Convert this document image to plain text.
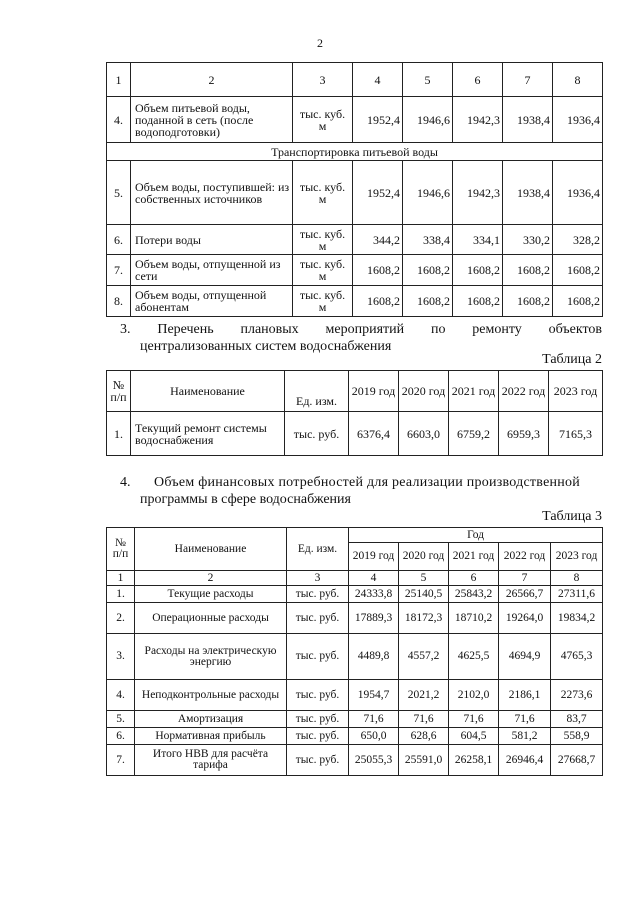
2
1	2	3	4	5	6	7	8
4.	Объем питьевой воды, поданной в сеть (после водоподготовки)	тыс. куб. м	1952,4	1946,6	1942,3	1938,4	1936,4
Транспортировка питьевой воды							
5.	Объем воды, поступившей: из собственных источников	тыс. куб. м	1952,4	1946,6	1942,3	1938,4	1936,4
6.	Потери воды	тыс. куб. м	344,2	338,4	334,1	330,2	328,2
7.	Объем воды, отпущенной из сети	тыс. куб. м	1608,2	1608,2	1608,2	1608,2	1608,2
8.	Объем воды, отпущенной абонентам	тыс. куб. м	1608,2	1608,2	1608,2	1608,2	1608,2
3. Перечень плановых мероприятий по ремонту объектов
централизованных систем водоснабжения
Таблица 2
№ п/п	Наименование	Ед. изм.	2019 год	2020 год	2021 год	2022 год	2023 год
1.	Текущий ремонт системы водоснабжения	тыс. руб.	6376,4	6603,0	6759,2	6959,3	7165,3
4. Объем финансовых потребностей для реализации производственной
программы в сфере водоснабжения
Таблица 3
№ п/п	Наименование	Ед. изм.	Год				
			2019 год	2020 год	2021 год	2022 год	2023 год
1	2	3	4	5	6	7	8
1.	Текущие расходы	тыс. руб.	24333,8	25140,5	25843,2	26566,7	27311,6
2.	Операционные расходы	тыс. руб.	17889,3	18172,3	18710,2	19264,0	19834,2
3.	Расходы на электрическую энергию	тыс. руб.	4489,8	4557,2	4625,5	4694,9	4765,3
4.	Неподконтрольные расходы	тыс. руб.	1954,7	2021,2	2102,0	2186,1	2273,6
5.	Амортизация	тыс. руб.	71,6	71,6	71,6	71,6	83,7
6.	Нормативная прибыль	тыс. руб.	650,0	628,6	604,5	581,2	558,9
7.	Итого НВВ для расчёта тарифа	тыс. руб.	25055,3	25591,0	26258,1	26946,4	27668,7
